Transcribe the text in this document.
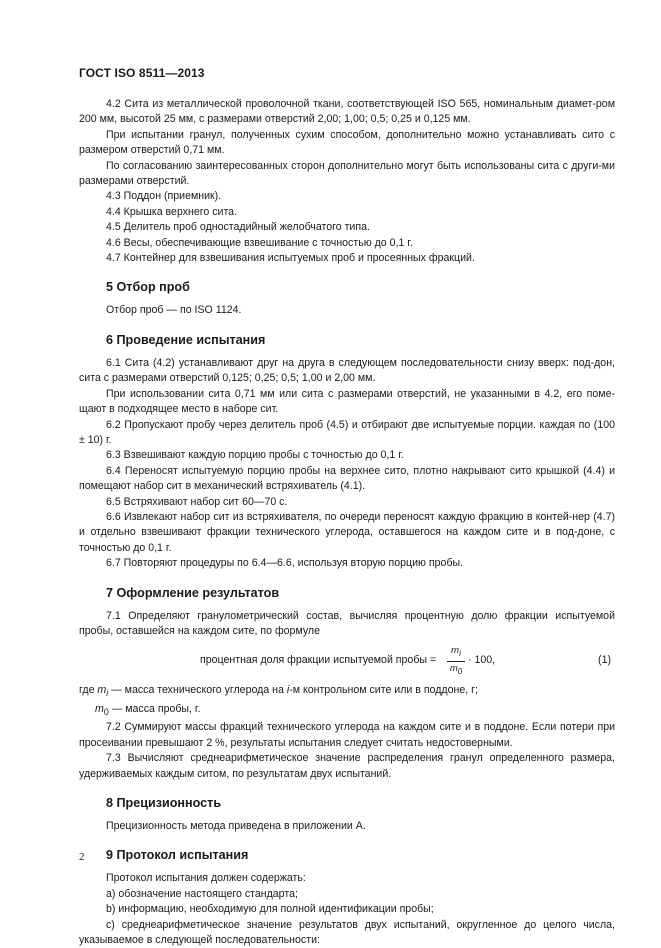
ГОСТ ISO 8511—2013

4.2 Сита из металлической проволочной ткани, соответствующей ISO 565, номинальным диамет-ром 200 мм, высотой 25 мм, с размерами отверстий 2,00; 1,00; 0,5; 0,25 и 0,125 мм.

При испытании гранул, полученных сухим способом, дополнительно можно устанавливать сито с размером отверстий 0,71 мм.

По согласованию заинтересованных сторон дополнительно могут быть использованы сита с други-ми размерами отверстий.

4.3 Поддон (приемник).

4.4 Крышка верхнего сита.

4.5 Делитель проб одностадийный желобчатого типа.

4.6 Весы, обеспечивающие взвешивание с точностью до 0,1 г.

4.7 Контейнер для взвешивания испытуемых проб и просеянных фракций.

5 Отбор проб

Отбор проб — по ISO 1124.

6 Проведение испытания

6.1 Сита (4.2) устанавливают друг на друга в следующем последовательности снизу вверх: под-дон, сита с размерами отверстий 0,125; 0,25; 0,5; 1,00 и 2,00 мм.

При использовании сита 0,71 мм или сита с размерами отверстий, не указанными в 4.2, его поме-щают в подходящее место в наборе сит.

6.2 Пропускают пробу через делитель проб (4.5) и отбирают две испытуемые порции. каждая по (100 ± 10) г.

6.3 Взвешивают каждую порцию пробы с точностью до 0,1 г.

6.4 Переносят испытуемую порцию пробы на верхнее сито, плотно накрывают сито крышкой (4.4) и помещают набор сит в механический встряхиватель (4.1).

6.5 Встряхивают набор сит 60—70 с.

6.6 Извлекают набор сит из встряхивателя, по очереди переносят каждую фракцию в контей-нер (4.7) и отдельно взвешивают фракции технического углерода, оставшегося на каждом сите и в под-доне, с точностью до 0,1 г.

6.7 Повторяют процедуры по 6.4—6.6, используя вторую порцию пробы.

7 Оформление результатов

7.1 Определяют гранулометрический состав, вычисляя процентную долю фракции испытуемой пробы, оставшейся на каждом сите, по формуле

процентная доля фракции испытуемой пробы = $\frac{m_i}{m_0} \cdot 100$,	(1)

где $m_i$ — масса технического углерода на i-м контрольном сите или в поддоне, г;

$m_0$ — масса пробы, г.

7.2 Суммируют массы фракций технического углерода на каждом сите и в поддоне. Если потери при просеивании превышают 2 %, результаты испытания следует считать недостоверными.

7.3 Вычисляют среднеарифметическое значение распределения гранул определенного размера, удерживаемых каждым ситом, по результатам двух испытаний.

8 Прецизионность

Прецизионность метода приведена в приложении А.

9 Протокол испытания

Протокол испытания должен содержать:

a) обозначение настоящего стандарта;

b) информацию, необходимую для полной идентификации пробы;

c) среднеарифметическое значение результатов двух испытаний, округленное до целого числа, указываемое в следующей последовательности:

2
